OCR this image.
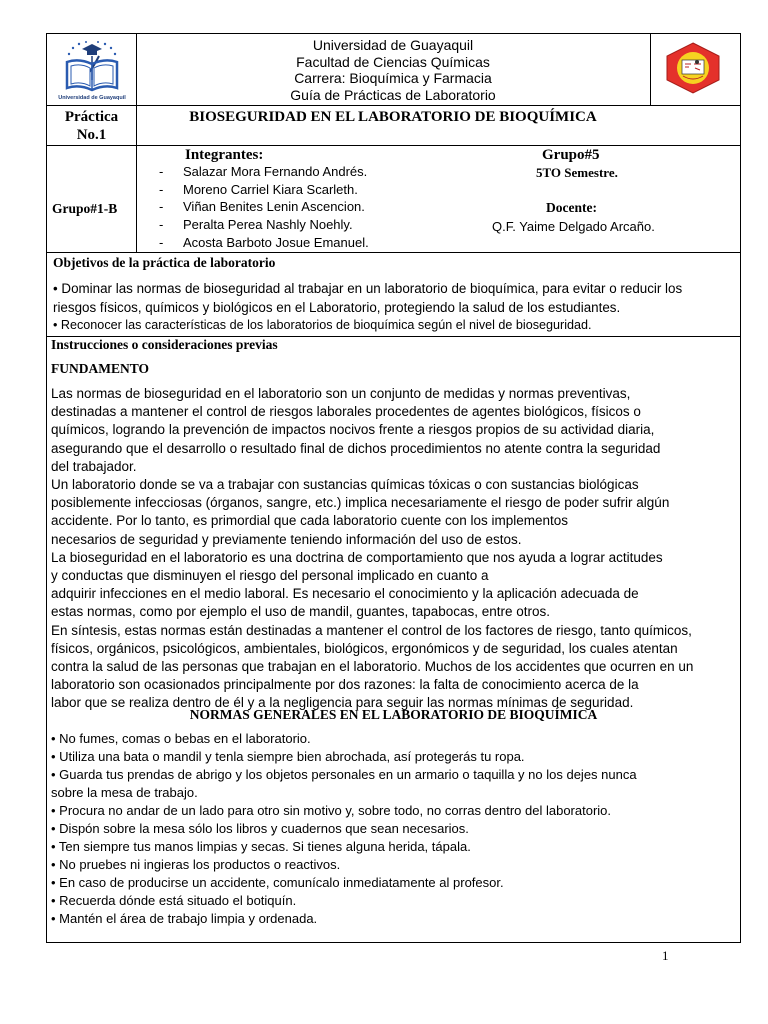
Universidad de Guayaquil
Universidad de Guayaquil
Facultad de Ciencias Químicas
Carrera: Bioquímica y Farmacia
Guía de Prácticas de Laboratorio
Práctica
No.1
BIOSEGURIDAD EN EL LABORATORIO DE BIOQUÍMICA
Grupo#1-B
Integrantes:
- Salazar Mora Fernando Andrés.
- Moreno Carriel Kiara Scarleth.
- Viñan Benites Lenin Ascencion.
- Peralta Perea Nashly Noehly.
- Acosta Barboto Josue Emanuel.
Grupo#5
5TO Semestre.
Docente:
Q.F. Yaime Delgado Arcaño.
Objetivos de la práctica de laboratorio
• Dominar las normas de bioseguridad al trabajar en un laboratorio de bioquímica, para evitar o reducir los
riesgos físicos, químicos y biológicos en el Laboratorio, protegiendo la salud de los estudiantes.
• Reconocer las características de los laboratorios de bioquímica según el nivel de bioseguridad.
Instrucciones o consideraciones previas
FUNDAMENTO
Las normas de bioseguridad en el laboratorio son un conjunto de medidas y normas preventivas,
destinadas a mantener el control de riesgos laborales procedentes de agentes biológicos, físicos o
químicos, logrando la prevención de impactos nocivos frente a riesgos propios de su actividad diaria,
asegurando que el desarrollo o resultado final de dichos procedimientos no atente contra la seguridad
del trabajador.
Un laboratorio donde se va a trabajar con sustancias químicas tóxicas o con sustancias biológicas
posiblemente infecciosas (órganos, sangre, etc.) implica necesariamente el riesgo de poder sufrir algún
accidente. Por lo tanto, es primordial que cada laboratorio cuente con los implementos
necesarios de seguridad y previamente teniendo información del uso de estos.
La bioseguridad en el laboratorio es una doctrina de comportamiento que nos ayuda a lograr actitudes
y conductas que disminuyen el riesgo del personal implicado en cuanto a
adquirir infecciones en el medio laboral. Es necesario el conocimiento y la aplicación adecuada de
estas normas, como por ejemplo el uso de mandil, guantes, tapabocas, entre otros.
En síntesis, estas normas están destinadas a mantener el control de los factores de riesgo, tanto químicos,
físicos, orgánicos, psicológicos, ambientales, biológicos, ergonómicos y de seguridad, los cuales atentan
contra la salud de las personas que trabajan en el laboratorio. Muchos de los accidentes que ocurren en un
laboratorio son ocasionados principalmente por dos razones: la falta de conocimiento acerca de la
labor que se realiza dentro de él y a la negligencia para seguir las normas mínimas de seguridad.
NORMAS GENERALES EN EL LABORATORIO DE BIOQUÍMICA
• No fumes, comas o bebas en el laboratorio.
• Utiliza una bata o mandil y tenla siempre bien abrochada, así protegerás tu ropa.
• Guarda tus prendas de abrigo y los objetos personales en un armario o taquilla y no los dejes nunca
sobre la mesa de trabajo.
• Procura no andar de un lado para otro sin motivo y, sobre todo, no corras dentro del laboratorio.
• Dispón sobre la mesa sólo los libros y cuadernos que sean necesarios.
• Ten siempre tus manos limpias y secas. Si tienes alguna herida, tápala.
• No pruebes ni ingieras los productos o reactivos.
• En caso de producirse un accidente, comunícalo inmediatamente al profesor.
• Recuerda dónde está situado el botiquín.
• Mantén el área de trabajo limpia y ordenada.
1
